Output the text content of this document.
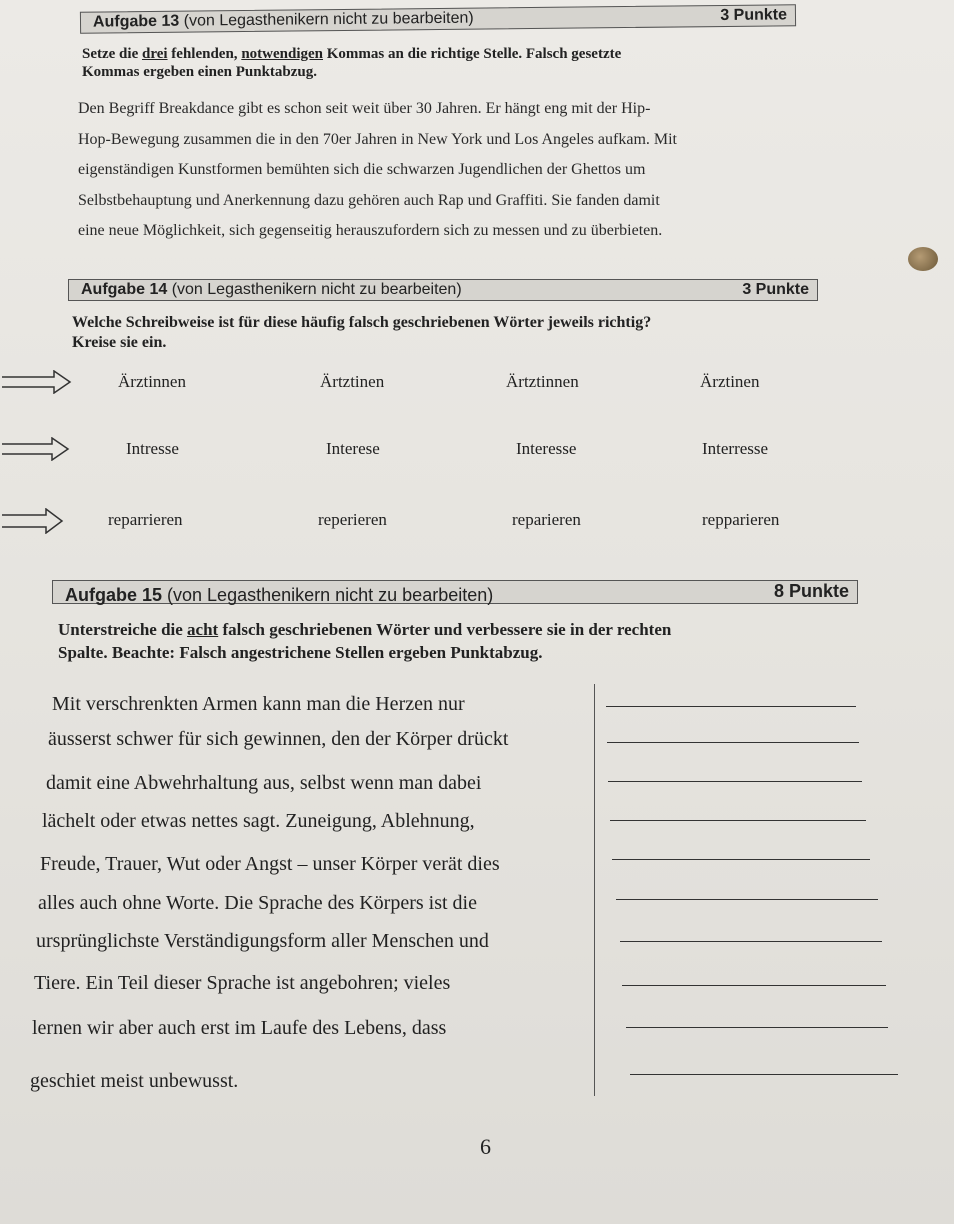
Aufgabe 13 (von Legasthenikern nicht zu bearbeiten)	3 Punkte
Setze die drei fehlenden, notwendigen Kommas an die richtige Stelle. Falsch gesetzte
Kommas ergeben einen Punktabzug.
Den Begriff Breakdance gibt es schon seit weit über 30 Jahren. Er hängt eng mit der Hip-
Hop-Bewegung zusammen die in den 70er Jahren in New York und Los Angeles aufkam. Mit
eigenständigen Kunstformen bemühten sich die schwarzen Jugendlichen der Ghettos um
Selbstbehauptung und Anerkennung dazu gehören auch Rap und Graffiti. Sie fanden damit
eine neue Möglichkeit, sich gegenseitig herauszufordern sich zu messen und zu überbieten.
Aufgabe 14 (von Legasthenikern nicht zu bearbeiten)	3 Punkte
Welche Schreibweise ist für diese häufig falsch geschriebenen Wörter jeweils richtig?
Kreise sie ein.
Ärztinnen	Ärtztinen	Ärtztinnen	Ärztinen
Intresse	Interese	Interesse	Interresse
reparrieren	reperieren	reparieren	repparieren
Aufgabe 15 (von Legasthenikern nicht zu bearbeiten)	8 Punkte
Unterstreiche die acht falsch geschriebenen Wörter und verbessere sie in der rechten
Spalte. Beachte: Falsch angestrichene Stellen ergeben Punktabzug.
Mit verschrenkten Armen kann man die Herzen nur
äusserst schwer für sich gewinnen, den der Körper drückt
damit eine Abwehrhaltung aus, selbst wenn man dabei
lächelt oder etwas nettes sagt. Zuneigung, Ablehnung,
Freude, Trauer, Wut oder Angst – unser Körper verät dies
alles auch ohne Worte. Die Sprache des Körpers ist die
ursprünglichste Verständigungsform aller Menschen und
Tiere. Ein Teil dieser Sprache ist angebohren; vieles
lernen wir aber auch erst im Laufe des Lebens, dass
geschiet meist unbewusst.
6
